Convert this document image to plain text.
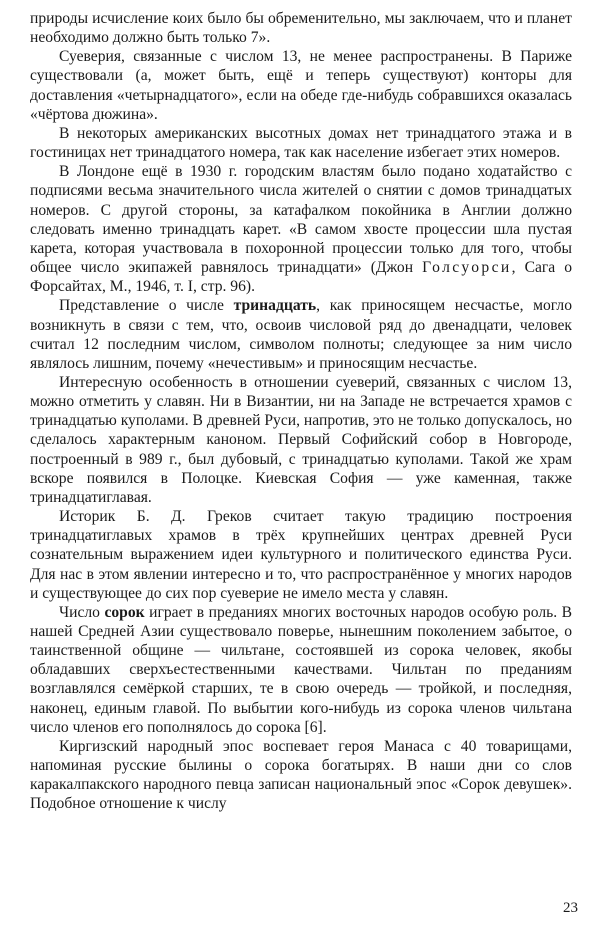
природы исчисление коих было бы обременительно, мы заключаем, что и планет необходимо должно быть только 7».

Суеверия, связанные с числом 13, не менее распространены. В Париже существовали (а, может быть, ещё и теперь существуют) конторы для доставления «четырнадцатого», если на обеде где-нибудь собравшихся оказалась «чёртова дюжина».

В некоторых американских высотных домах нет тринадцатого этажа и в гостиницах нет тринадцатого номера, так как население избегает этих номеров.

В Лондоне ещё в 1930 г. городским властям было подано ходатайство с подписями весьма значительного числа жителей о снятии с домов тринадцатых номеров. С другой стороны, за катафалком покойника в Англии должно следовать именно тринадцать карет. «В самом хвосте процессии шла пустая карета, которая участвовала в похоронной процессии только для того, чтобы общее число экипажей равнялось тринадцати» (Джон Голсуорси, Сага о Форсайтах, М., 1946, т. I, стр. 96).

Представление о числе тринадцать, как приносящем несчастье, могло возникнуть в связи с тем, что, освоив числовой ряд до двенадцати, человек считал 12 последним числом, символом полноты; следующее за ним число являлось лишним, почему «нечестивым» и приносящим несчастье.

Интересную особенность в отношении суеверий, связанных с числом 13, можно отметить у славян. Ни в Византии, ни на Западе не встречается храмов с тринадцатью куполами. В древней Руси, напротив, это не только допускалось, но сделалось характерным каноном. Первый Софийский собор в Новгороде, построенный в 989 г., был дубовый, с тринадцатью куполами. Такой же храм вскоре появился в Полоцке. Киевская София — уже каменная, также тринадцатиглавая.

Историк Б. Д. Греков считает такую традицию построения тринадцатиглавых храмов в трёх крупнейших центрах древней Руси сознательным выражением идеи культурного и политического единства Руси. Для нас в этом явлении интересно и то, что распространённое у многих народов и существующее до сих пор суеверие не имело места у славян.

Число сорок играет в преданиях многих восточных народов особую роль. В нашей Средней Азии существовало поверье, нынешним поколением забытое, о таинственной общине — чильтане, состоявшей из сорока человек, якобы обладавших сверхъестественными качествами. Чильтан по преданиям возглавлялся семёркой старших, те в свою очередь — тройкой, и последняя, наконец, единым главой. По выбытии кого-нибудь из сорока членов чильтана число членов его пополнялось до сорока [6].

Киргизский народный эпос воспевает героя Манаса с 40 товарищами, напоминая русские былины о сорока богатырях. В наши дни со слов каракалпакского народного певца записан национальный эпос «Сорок девушек». Подобное отношение к числу

23
